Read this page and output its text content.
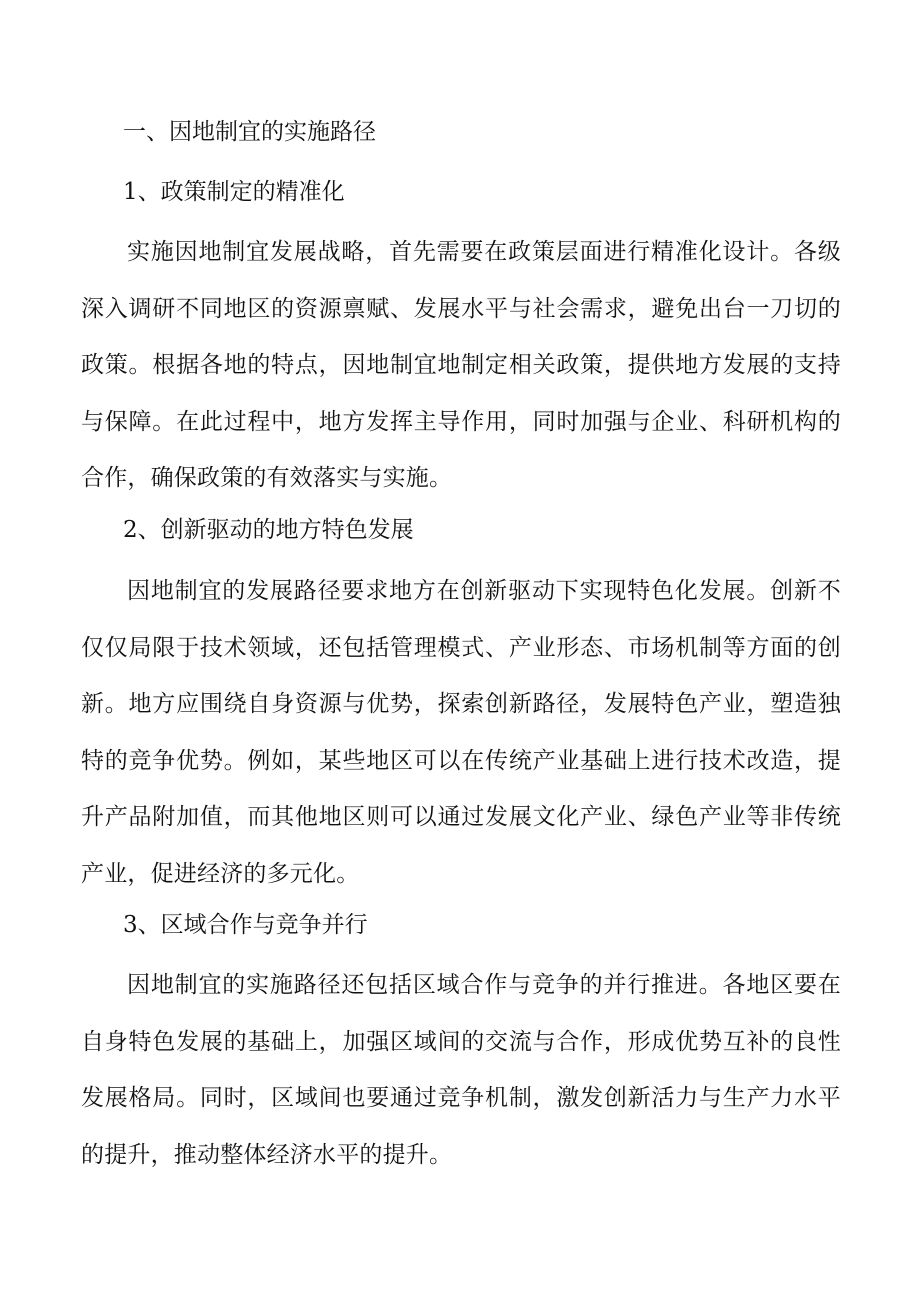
一、因地制宜的实施路径
1、政策制定的精准化

实施因地制宜发展战略，首先需要在政策层面进行精准化设计。各级深入调研不同地区的资源禀赋、发展水平与社会需求，避免出台一刀切的政策。根据各地的特点，因地制宜地制定相关政策，提供地方发展的支持与保障。在此过程中，地方发挥主导作用，同时加强与企业、科研机构的合作，确保政策的有效落实与实施。

2、创新驱动的地方特色发展

因地制宜的发展路径要求地方在创新驱动下实现特色化发展。创新不仅仅局限于技术领域，还包括管理模式、产业形态、市场机制等方面的创新。地方应围绕自身资源与优势，探索创新路径，发展特色产业，塑造独特的竞争优势。例如，某些地区可以在传统产业基础上进行技术改造，提升产品附加值，而其他地区则可以通过发展文化产业、绿色产业等非传统产业，促进经济的多元化。

3、区域合作与竞争并行

因地制宜的实施路径还包括区域合作与竞争的并行推进。各地区要在自身特色发展的基础上，加强区域间的交流与合作，形成优势互补的良性发展格局。同时，区域间也要通过竞争机制，激发创新活力与生产力水平的提升，推动整体经济水平的提升。
